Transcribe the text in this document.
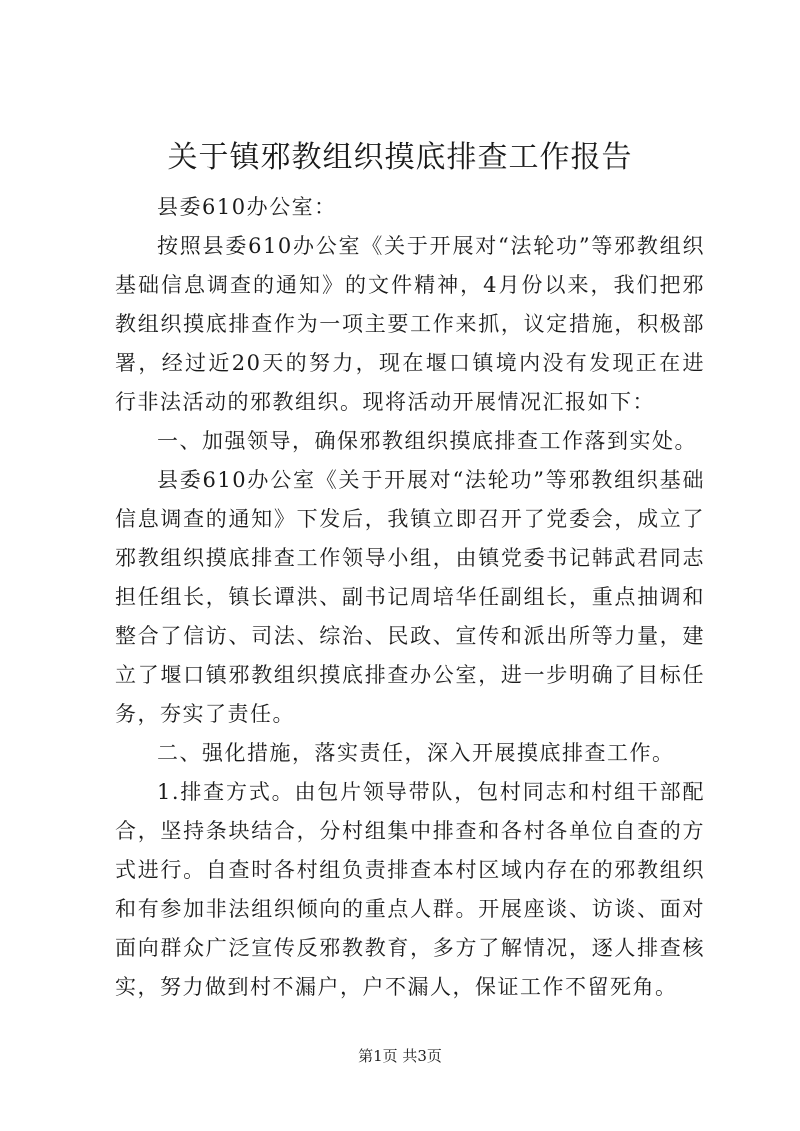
关于镇邪教组织摸底排查工作报告

县委610办公室：

按照县委610办公室《关于开展对“法轮功”等邪教组织基础信息调查的通知》的文件精神，4月份以来，我们把邪教组织摸底排查作为一项主要工作来抓，议定措施，积极部署，经过近20天的努力，现在堰口镇境内没有发现正在进行非法活动的邪教组织。现将活动开展情况汇报如下：

一、加强领导，确保邪教组织摸底排查工作落到实处。

县委610办公室《关于开展对“法轮功”等邪教组织基础信息调查的通知》下发后，我镇立即召开了党委会，成立了邪教组织摸底排查工作领导小组，由镇党委书记韩武君同志担任组长，镇长谭洪、副书记周培华任副组长，重点抽调和整合了信访、司法、综治、民政、宣传和派出所等力量，建立了堰口镇邪教组织摸底排查办公室，进一步明确了目标任务，夯实了责任。

二、强化措施，落实责任，深入开展摸底排查工作。

1.排查方式。由包片领导带队，包村同志和村组干部配合，坚持条块结合，分村组集中排查和各村各单位自查的方式进行。自查时各村组负责排查本村区域内存在的邪教组织和有参加非法组织倾向的重点人群。开展座谈、访谈、面对面向群众广泛宣传反邪教教育，多方了解情况，逐人排查核实，努力做到村不漏户，户不漏人，保证工作不留死角。

第1页 共3页
